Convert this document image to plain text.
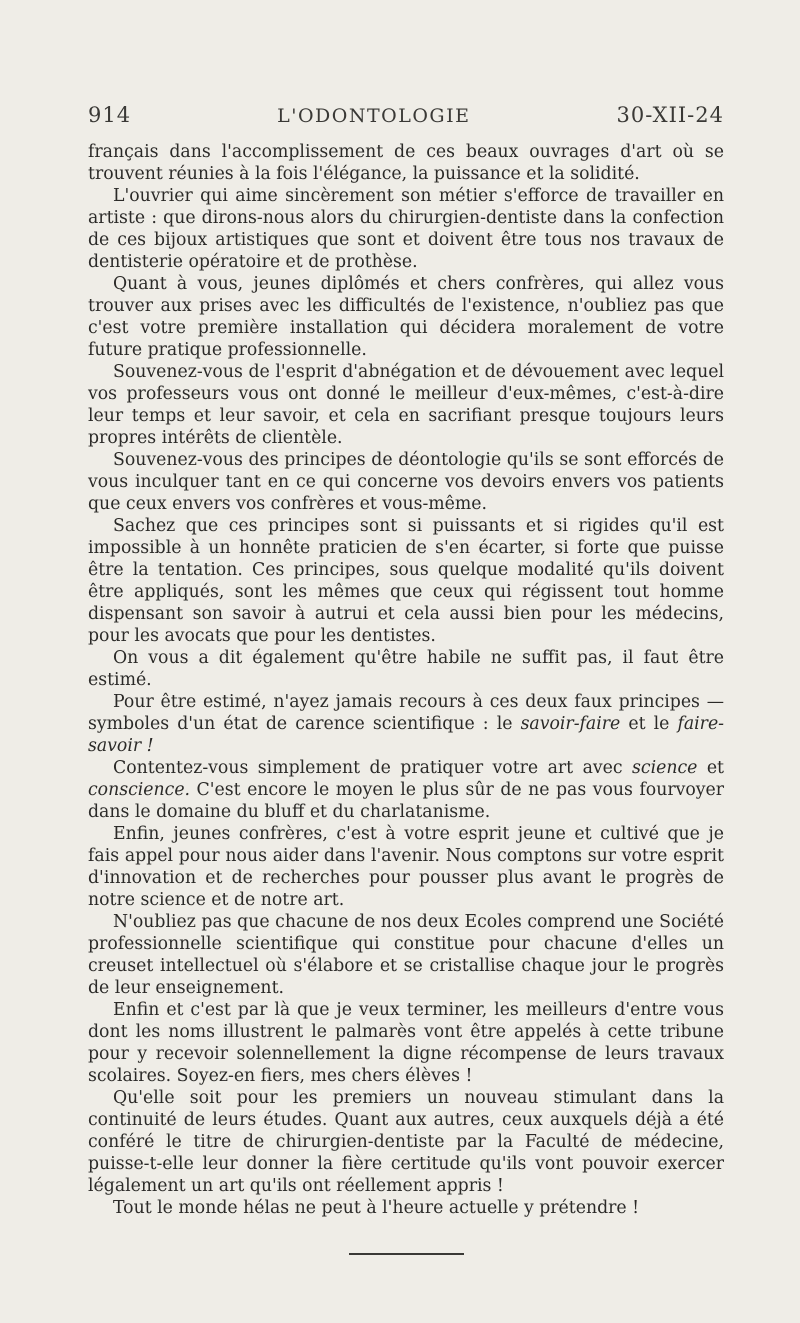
914	L'ODONTOLOGIE	30-XII-24

français dans l'accomplissement de ces beaux ouvrages d'art où se trouvent réunies à la fois l'élégance, la puissance et la solidité.

L'ouvrier qui aime sincèrement son métier s'efforce de travailler en artiste : que dirons-nous alors du chirurgien-dentiste dans la confection de ces bijoux artistiques que sont et doivent être tous nos travaux de dentisterie opératoire et de prothèse.

Quant à vous, jeunes diplômés et chers confrères, qui allez vous trouver aux prises avec les difficultés de l'existence, n'oubliez pas que c'est votre première installation qui décidera moralement de votre future pratique professionnelle.

Souvenez-vous de l'esprit d'abnégation et de dévouement avec lequel vos professeurs vous ont donné le meilleur d'eux-mêmes, c'est-à-dire leur temps et leur savoir, et cela en sacrifiant presque toujours leurs propres intérêts de clientèle.

Souvenez-vous des principes de déontologie qu'ils se sont efforcés de vous inculquer tant en ce qui concerne vos devoirs envers vos patients que ceux envers vos confrères et vous-même.

Sachez que ces principes sont si puissants et si rigides qu'il est impossible à un honnête praticien de s'en écarter, si forte que puisse être la tentation. Ces principes, sous quelque modalité qu'ils doivent être appliqués, sont les mêmes que ceux qui régissent tout homme dispensant son savoir à autrui et cela aussi bien pour les médecins, pour les avocats que pour les dentistes.

On vous a dit également qu'être habile ne suffit pas, il faut être estimé.

Pour être estimé, n'ayez jamais recours à ces deux faux principes — symboles d'un état de carence scientifique : le savoir-faire et le faire-savoir !

Contentez-vous simplement de pratiquer votre art avec science et conscience. C'est encore le moyen le plus sûr de ne pas vous fourvoyer dans le domaine du bluff et du charlatanisme.

Enfin, jeunes confrères, c'est à votre esprit jeune et cultivé que je fais appel pour nous aider dans l'avenir. Nous comptons sur votre esprit d'innovation et de recherches pour pousser plus avant le progrès de notre science et de notre art.

N'oubliez pas que chacune de nos deux Ecoles comprend une Société professionnelle scientifique qui constitue pour chacune d'elles un creuset intellectuel où s'élabore et se cristallise chaque jour le progrès de leur enseignement.

Enfin et c'est par là que je veux terminer, les meilleurs d'entre vous dont les noms illustrent le palmarès vont être appelés à cette tribune pour y recevoir solennellement la digne récompense de leurs travaux scolaires. Soyez-en fiers, mes chers élèves !

Qu'elle soit pour les premiers un nouveau stimulant dans la continuité de leurs études. Quant aux autres, ceux auxquels déjà a été conféré le titre de chirurgien-dentiste par la Faculté de médecine, puisse-t-elle leur donner la fière certitude qu'ils vont pouvoir exercer légalement un art qu'ils ont réellement appris !

Tout le monde hélas ne peut à l'heure actuelle y prétendre !
